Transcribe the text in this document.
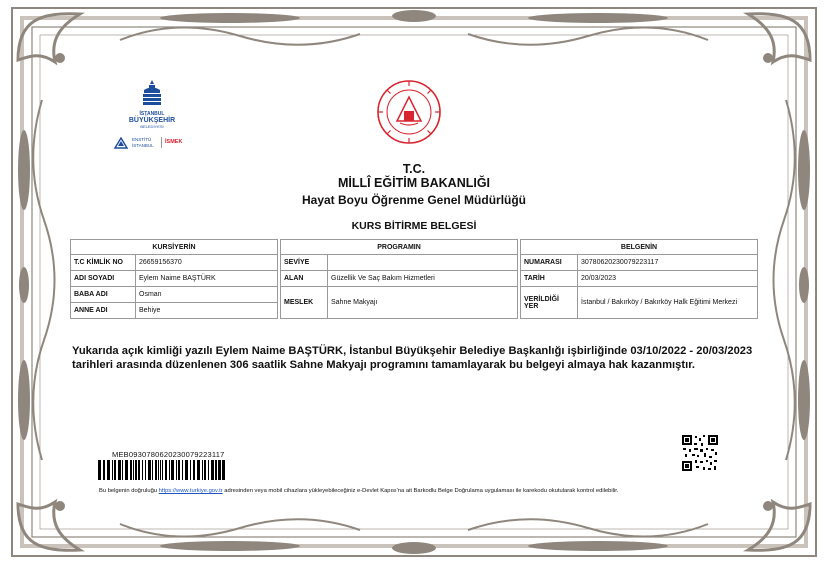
İSTANBUL
BÜYÜKŞEHİR
BELEDİYESİ
ENSTİTÜ
İSTANBUL
İSMEK
T.C.
MİLLÎ EĞİTİM BAKANLIĞI
Hayat Boyu Öğrenme Genel Müdürlüğü
KURS BİTİRME BELGESİ
KURSİYERİN	
T.C KİMLİK NO	26659156370
ADI SOYADI	Eylem Naime BAŞTÜRK
BABA ADI	Osman
ANNE ADI	Behiye
PROGRAMIN	
SEVİYE	
ALAN	Güzellik Ve Saç Bakım Hizmetleri
MESLEK	Sahne Makyajı
BELGENİN	
NUMARASI	307806202300792231​17
TARİH	20/03/2023
VERİLDİĞİ YER	İstanbul / Bakırköy / Bakırköy Halk Eğitimi Merkezi
Yukarıda açık kimliği yazılı Eylem Naime BAŞTÜRK, İstanbul Büyükşehir Belediye Başkanlığı işbirliğinde 03/10/2022 - 20/03/2023 tarihleri arasında düzenlenen 306 saatlik Sahne Makyajı programını tamamlayarak bu belgeyi almaya hak kazanmıştır.
MEB0930780620230079223117
Bu belgenin doğruluğu https://www.turkiye.gov.tr adresinden veya mobil cihazlara yükleyebileceğiniz e-Devlet Kapısı'na ait Barkodlu Belge Doğrulama uygulaması ile karekodu okutularak kontrol edilebilir.
